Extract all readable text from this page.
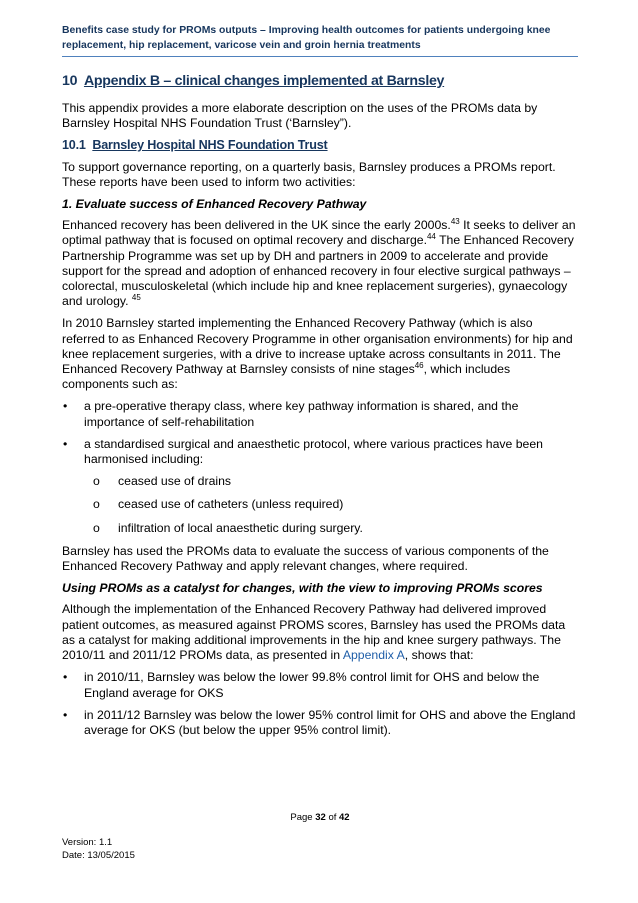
Benefits case study for PROMs outputs – Improving health outcomes for patients undergoing knee replacement, hip replacement, varicose vein and groin hernia treatments
10 Appendix B – clinical changes implemented at Barnsley

This appendix provides a more elaborate description on the uses of the PROMs data by Barnsley Hospital NHS Foundation Trust (‘Barnsley”).

10.1 Barnsley Hospital NHS Foundation Trust

To support governance reporting, on a quarterly basis, Barnsley produces a PROMs report. These reports have been used to inform two activities:

1. Evaluate success of Enhanced Recovery Pathway

Enhanced recovery has been delivered in the UK since the early 2000s.$^{43}$ It seeks to deliver an optimal pathway that is focused on optimal recovery and discharge.$^{44}$ The Enhanced Recovery Partnership Programme was set up by DH and partners in 2009 to accelerate and provide support for the spread and adoption of enhanced recovery in four elective surgical pathways – colorectal, musculoskeletal (which include hip and knee replacement surgeries), gynaecology and urology. $^{45}$

In 2010 Barnsley started implementing the Enhanced Recovery Pathway (which is also referred to as Enhanced Recovery Programme in other organisation environments) for hip and knee replacement surgeries, with a drive to increase uptake across consultants in 2011. The Enhanced Recovery Pathway at Barnsley consists of nine stages$^{46}$, which includes components such as:

• a pre-operative therapy class, where key pathway information is shared, and the importance of self-rehabilitation
• a standardised surgical and anaesthetic protocol, where various practices have been harmonised including:
o ceased use of drains
o ceased use of catheters (unless required)
o infiltration of local anaesthetic during surgery.

Barnsley has used the PROMs data to evaluate the success of various components of the Enhanced Recovery Pathway and apply relevant changes, where required.

Using PROMs as a catalyst for changes, with the view to improving PROMs scores

Although the implementation of the Enhanced Recovery Pathway had delivered improved patient outcomes, as measured against PROMS scores, Barnsley has used the PROMs data as a catalyst for making additional improvements in the hip and knee surgery pathways. The 2010/11 and 2011/12 PROMs data, as presented in Appendix A, shows that:

• in 2010/11, Barnsley was below the lower 99.8% control limit for OHS and below the England average for OKS
• in 2011/12 Barnsley was below the lower 95% control limit for OHS and above the England average for OKS (but below the upper 95% control limit).
Page 32 of 42
Version: 1.1
Date: 13/05/2015
